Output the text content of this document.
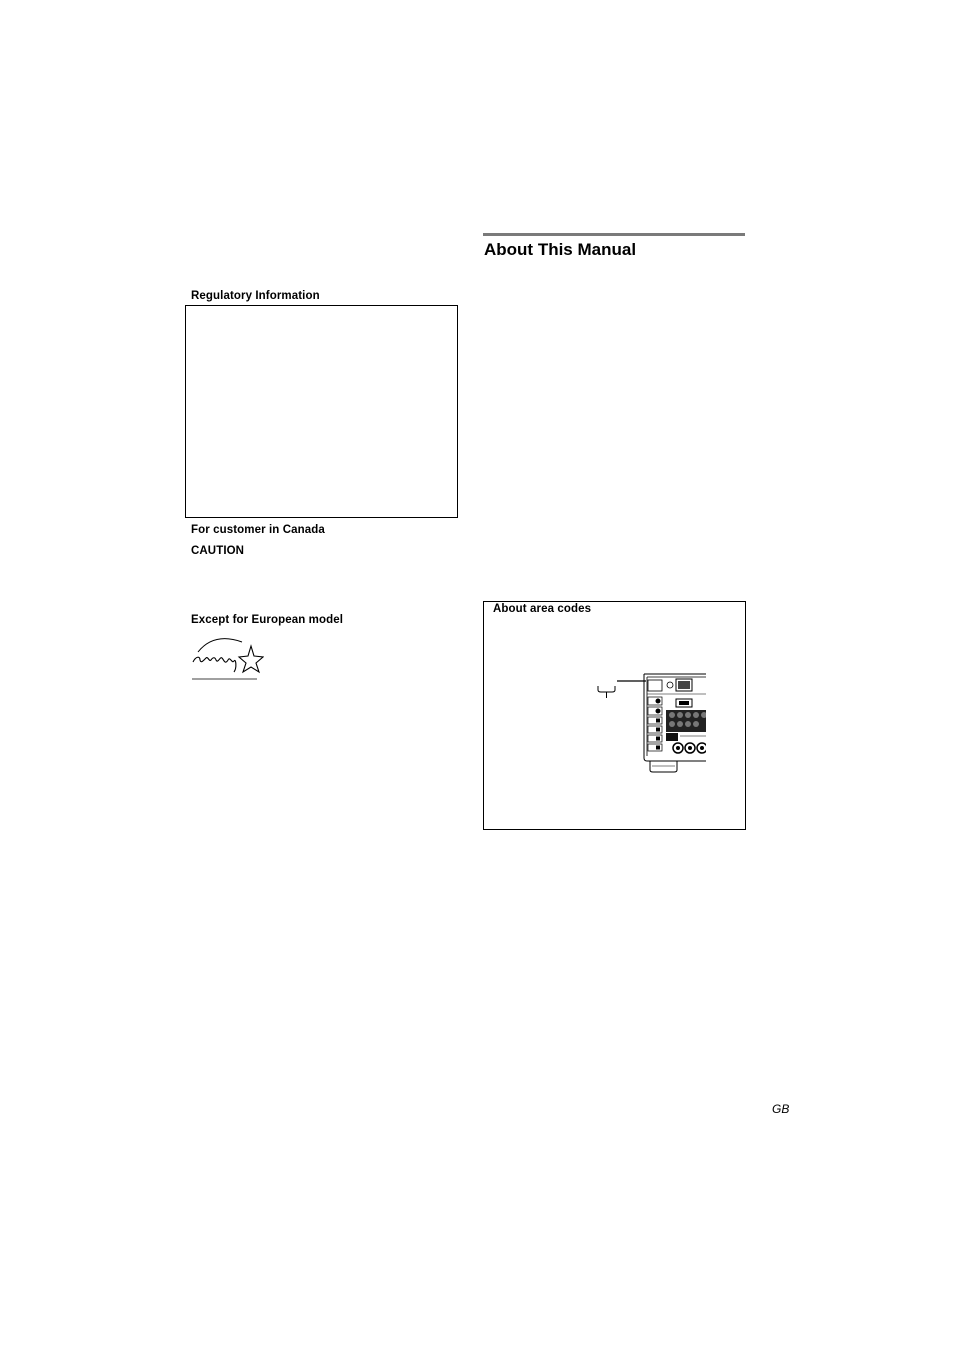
Regulatory Information
For customer in Canada
CAUTION
Except for European model
About This Manual
About area codes
GB
